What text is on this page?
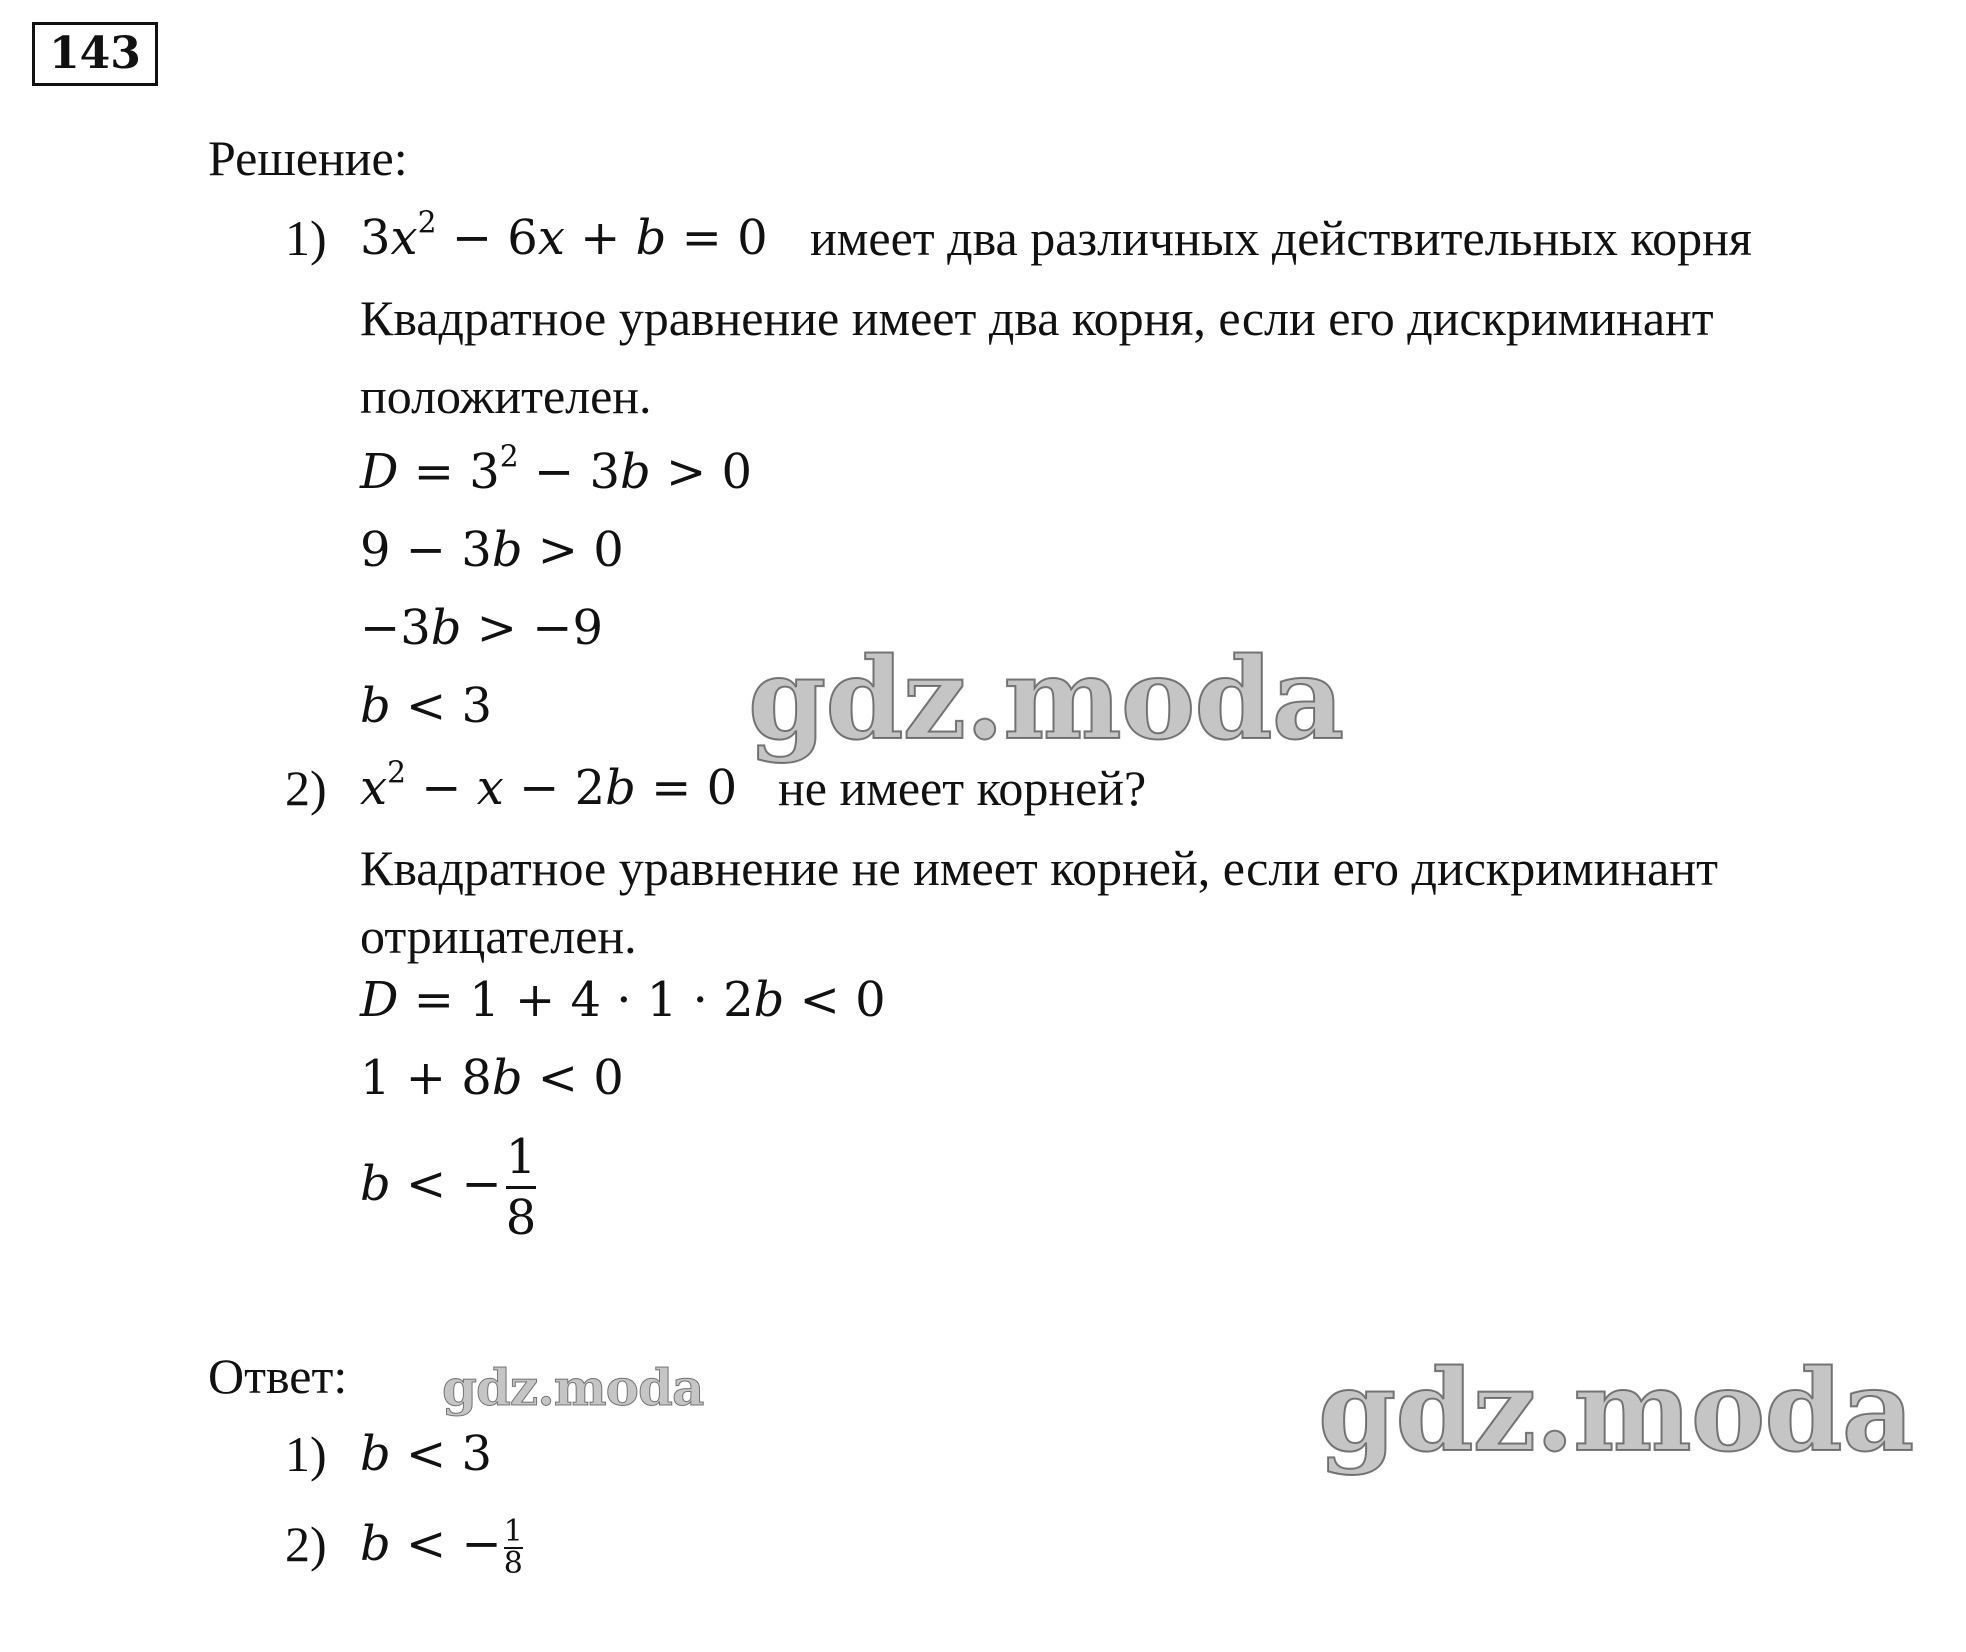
143
Решение:
1) $3x^2 - 6x + b = 0$ имеет два различных действительных корня
Квадратное уравнение имеет два корня, если его дискриминант
положителен.
$D = 3^2 - 3b > 0$
9 − 3b > 0
−3b > −9
b < 3
2) $x^2 - x - 2b = 0$ не имеет корней?
Квадратное уравнение не имеет корней, если его дискриминант
отрицателен.
D = 1 + 4 · 1 · 2b < 0
1 + 8b < 0
b < − $\frac{1}{8}$
Ответ:
1) b < 3
2) b < − $\frac{1}{8}$
gdz.moda
gdz.moda	gdz.moda
